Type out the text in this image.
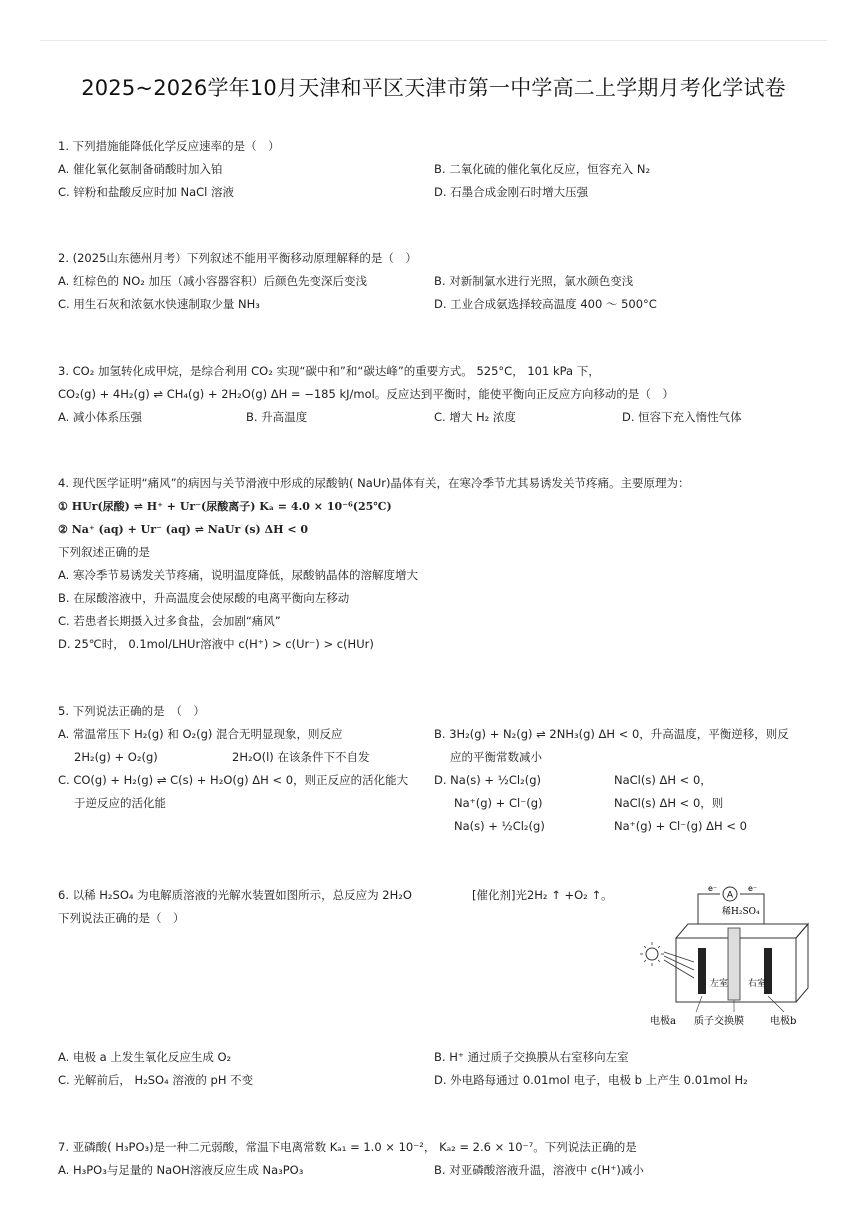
2025~2026学年10月天津和平区天津市第一中学高二上学期月考化学试卷
1. 下列措施能降低化学反应速率的是（　）
A. 催化氧化氨制备硝酸时加入铂	B. 二氧化硫的催化氧化反应，恒容充入 N₂
C. 锌粉和盐酸反应时加 NaCl 溶液	D. 石墨合成金刚石时增大压强
2. (2025山东德州月考）下列叙述不能用平衡移动原理解释的是（　）
A. 红棕色的 NO₂ 加压（减小容器容积）后颜色先变深后变浅	B. 对新制氯水进行光照，氯水颜色变浅
C. 用生石灰和浓氨水快速制取少量 NH₃	D. 工业合成氨选择较高温度 400 ～ 500°C
3. CO₂ 加氢转化成甲烷，是综合利用 CO₂ 实现“碳中和”和“碳达峰”的重要方式。 525°C， 101 kPa 下，
CO₂(g) + 4H₂(g) ⇌ CH₄(g) + 2H₂O(g) ΔH = −185 kJ/mol。反应达到平衡时，能使平衡向正反应方向移动的是（　）
A. 减小体系压强	B. 升高温度	C. 增大 H₂ 浓度	D. 恒容下充入惰性气体
4. 现代医学证明“痛风”的病因与关节滑液中形成的尿酸钠( NaUr)晶体有关，在寒冷季节尤其易诱发关节疼痛。主要原理为：
① HUr(尿酸) ⇌ H⁺ + Ur⁻(尿酸离子) Kₐ = 4.0 × 10⁻⁶(25℃)
② Na⁺ (aq) + Ur⁻ (aq) ⇌ NaUr (s) ΔH < 0
下列叙述正确的是
A. 寒冷季节易诱发关节疼痛，说明温度降低，尿酸钠晶体的溶解度增大
B. 在尿酸溶液中，升高温度会使尿酸的电离平衡向左移动
C. 若患者长期摄入过多食盐，会加剧“痛风”
D. 25℃时， 0.1mol/LHUr溶液中 c(H⁺) > c(Ur⁻) > c(HUr)
5. 下列说法正确的是　（　）
A. 常温常压下 H₂(g) 和 O₂(g) 混合无明显现象，则反应	B. 3H₂(g) + N₂(g) ⇌ 2NH₃(g) ΔH < 0，升高温度，平衡逆移，则反
2H₂(g) + O₂(g)	2H₂O(l) 在该条件下不自发	应的平衡常数减小
C. CO(g) + H₂(g) ⇌ C(s) + H₂O(g) ΔH < 0，则正反应的活化能大 D. Na(s) + ½Cl₂(g)	NaCl(s) ΔH < 0，
于逆反应的活化能	Na⁺(g) + Cl⁻(g)	NaCl(s) ΔH < 0，则
Na(s) + ½Cl₂(g)	Na⁺(g) + Cl⁻(g) ΔH < 0
6. 以稀 H₂SO₄ 为电解质溶液的光解水装置如图所示，总反应为 2H₂O	[催化剂]光2H₂ ↑ +O₂ ↑。
下列说法正确的是（　）
A
e⁻	e⁻
稀H₂SO₄
左室 右室
电极a 质子交换膜	电极b
A. 电极 a 上发生氧化反应生成 O₂	B. H⁺ 通过质子交换膜从右室移向左室
C. 光解前后， H₂SO₄ 溶液的 pH 不变	D. 外电路每通过 0.01mol 电子，电极 b 上产生 0.01mol H₂
7. 亚磷酸( H₃PO₃)是一种二元弱酸，常温下电离常数 Kₐ₁ = 1.0 × 10⁻²， Kₐ₂ = 2.6 × 10⁻⁷。下列说法正确的是
A. H₃PO₃与足量的 NaOH溶液反应生成 Na₃PO₃	B. 对亚磷酸溶液升温，溶液中 c(H⁺)减小
